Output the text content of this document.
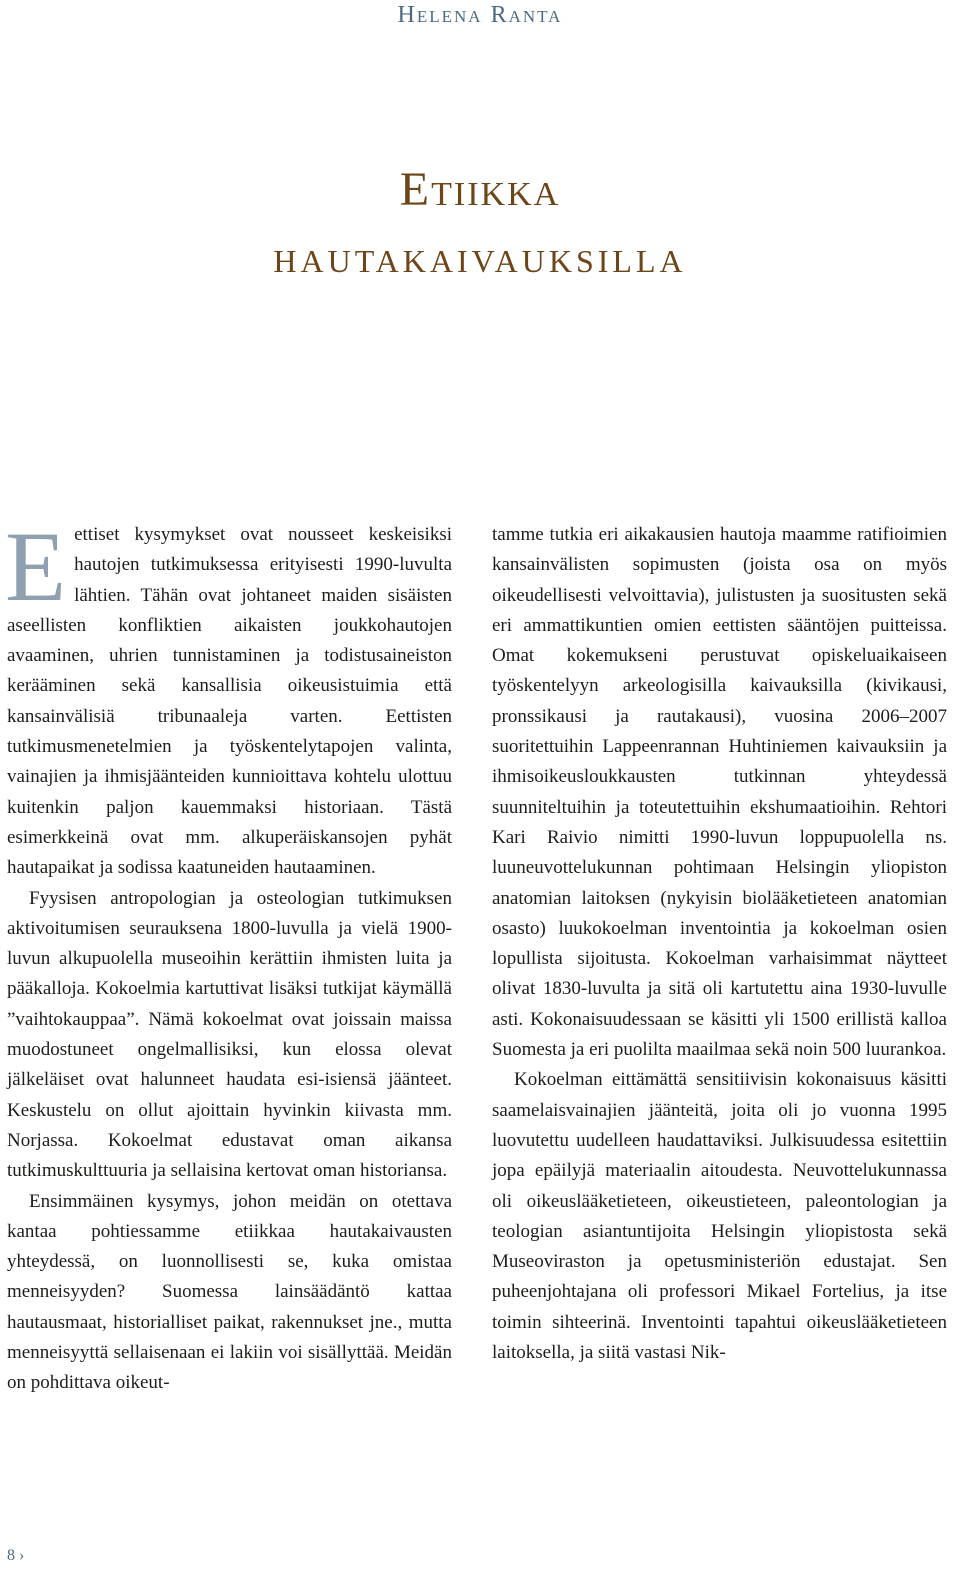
Helena Ranta
Etiikka
hautakaivauksilla

Eettiset kysymykset ovat nousseet keskeisiksi hautojen tutkimuksessa erityisesti 1990-luvulta lähtien. Tähän ovat johtaneet maiden sisäisten aseellisten konfliktien aikaisten joukkohautojen avaaminen, uhrien tunnistaminen ja todistusaineiston kerääminen sekä kansallisia oikeusistuimia että kansainvälisiä tribunaaleja varten. Eettisten tutkimusmenetelmien ja työskentelytapojen valinta, vainajien ja ihmisjäänteiden kunnioittava kohtelu ulottuu kuitenkin paljon kauemmaksi historiaan. Tästä esimerkkeinä ovat mm. alkuperäiskansojen pyhät hautapaikat ja sodissa kaatuneiden hautaaminen.

Fyysisen antropologian ja osteologian tutkimuksen aktivoitumisen seurauksena 1800-luvulla ja vielä 1900-luvun alkupuolella museoihin kerättiin ihmisten luita ja pääkalloja. Kokoelmia kartuttivat lisäksi tutkijat käymällä ”vaihtokauppaa”. Nämä kokoelmat ovat joissain maissa muodostuneet ongelmallisiksi, kun elossa olevat jälkeläiset ovat halunneet haudata esi-isiensä jäänteet. Keskustelu on ollut ajoittain hyvinkin kiivasta mm. Norjassa. Kokoelmat edustavat oman aikansa tutkimuskulttuuria ja sellaisina kertovat oman historiansa.

Ensimmäinen kysymys, johon meidän on otettava kantaa pohtiessamme etiikkaa hautakaivausten yhteydessä, on luonnollisesti se, kuka omistaa menneisyyden? Suomessa lainsäädäntö kattaa hautausmaat, historialliset paikat, rakennukset jne., mutta menneisyyttä sellaisenaan ei lakiin voi sisällyttää. Meidän on pohdittava oikeut-

tamme tutkia eri aikakausien hautoja maamme ratifioimien kansainvälisten sopimusten (joista osa on myös oikeudellisesti velvoittavia), julistusten ja suositusten sekä eri ammattikuntien omien eettisten sääntöjen puitteissa. Omat kokemukseni perustuvat opiskeluaikaiseen työskentelyyn arkeologisilla kaivauksilla (kivikausi, pronssikausi ja rautakausi), vuosina 2006–2007 suoritettuihin Lappeenrannan Huhtiniemen kaivauksiin ja ihmisoikeusloukkausten tutkinnan yhteydessä suunniteltuihin ja toteutettuihin ekshumaatioihin. Rehtori Kari Raivio nimitti 1990-luvun loppupuolella ns. luuneuvottelukunnan pohtimaan Helsingin yliopiston anatomian laitoksen (nykyisin biolääketieteen anatomian osasto) luukokoelman inventointia ja kokoelman osien lopullista sijoitusta. Kokoelman varhaisimmat näytteet olivat 1830-luvulta ja sitä oli kartutettu aina 1930-luvulle asti. Kokonaisuudessaan se käsitti yli 1500 erillistä kalloa Suomesta ja eri puolilta maailmaa sekä noin 500 luurankoa.

Kokoelman eittämättä sensitiivisin kokonaisuus käsitti saamelaisvainajien jäänteitä, joita oli jo vuonna 1995 luovutettu uudelleen haudattaviksi. Julkisuudessa esitettiin jopa epäilyjä materiaalin aitoudesta. Neuvottelukunnassa oli oikeuslääketieteen, oikeustieteen, paleontologian ja teologian asiantuntijoita Helsingin yliopistosta sekä Museoviraston ja opetusministeriön edustajat. Sen puheenjohtajana oli professori Mikael Fortelius, ja itse toimin sihteerinä. Inventointi tapahtui oikeuslääketieteen laitoksella, ja siitä vastasi Nik-

8 ›
